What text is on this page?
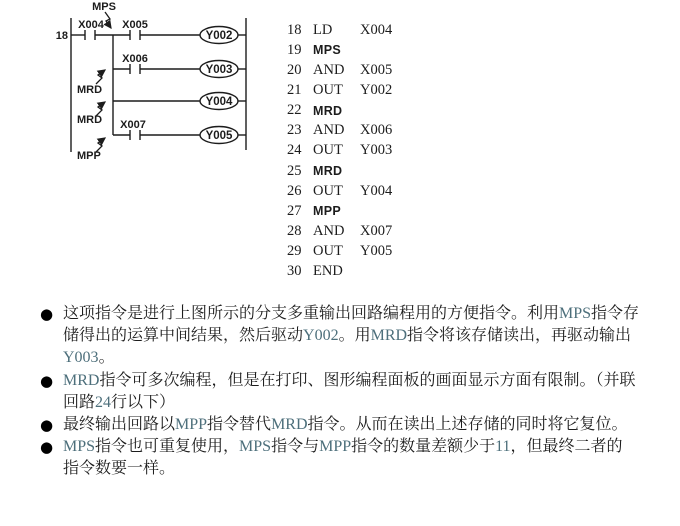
18
MPS
X004 X005
X006
X007
MRD
MRD
MPP
Y002
Y003
Y004
Y005
18 LD	X004
19 MPS
20 AND	X005
21 OUT	Y002
22 MRD
23 AND	X006
24 OUT	Y003
25 MRD
26 OUT	Y004
27 MPP
28 AND	X007
29 OUT	Y005
30 END
● 这项指令是进行上图所示的分支多重输出回路编程用的方便指令。利用MPS指令存
储得出的运算中间结果，然后驱动Y002。用MRD指令将该存储读出，再驱动输出
Y003。
● MRD指令可多次编程，但是在打印、图形编程面板的画面显示方面有限制。（并联
回路24行以下）
● 最终输出回路以MPP指令替代MRD指令。从而在读出上述存储的同时将它复位。
● MPS指令也可重复使用，MPS指令与MPP指令的数量差额少于11，但最终二者的
指令数要一样。
